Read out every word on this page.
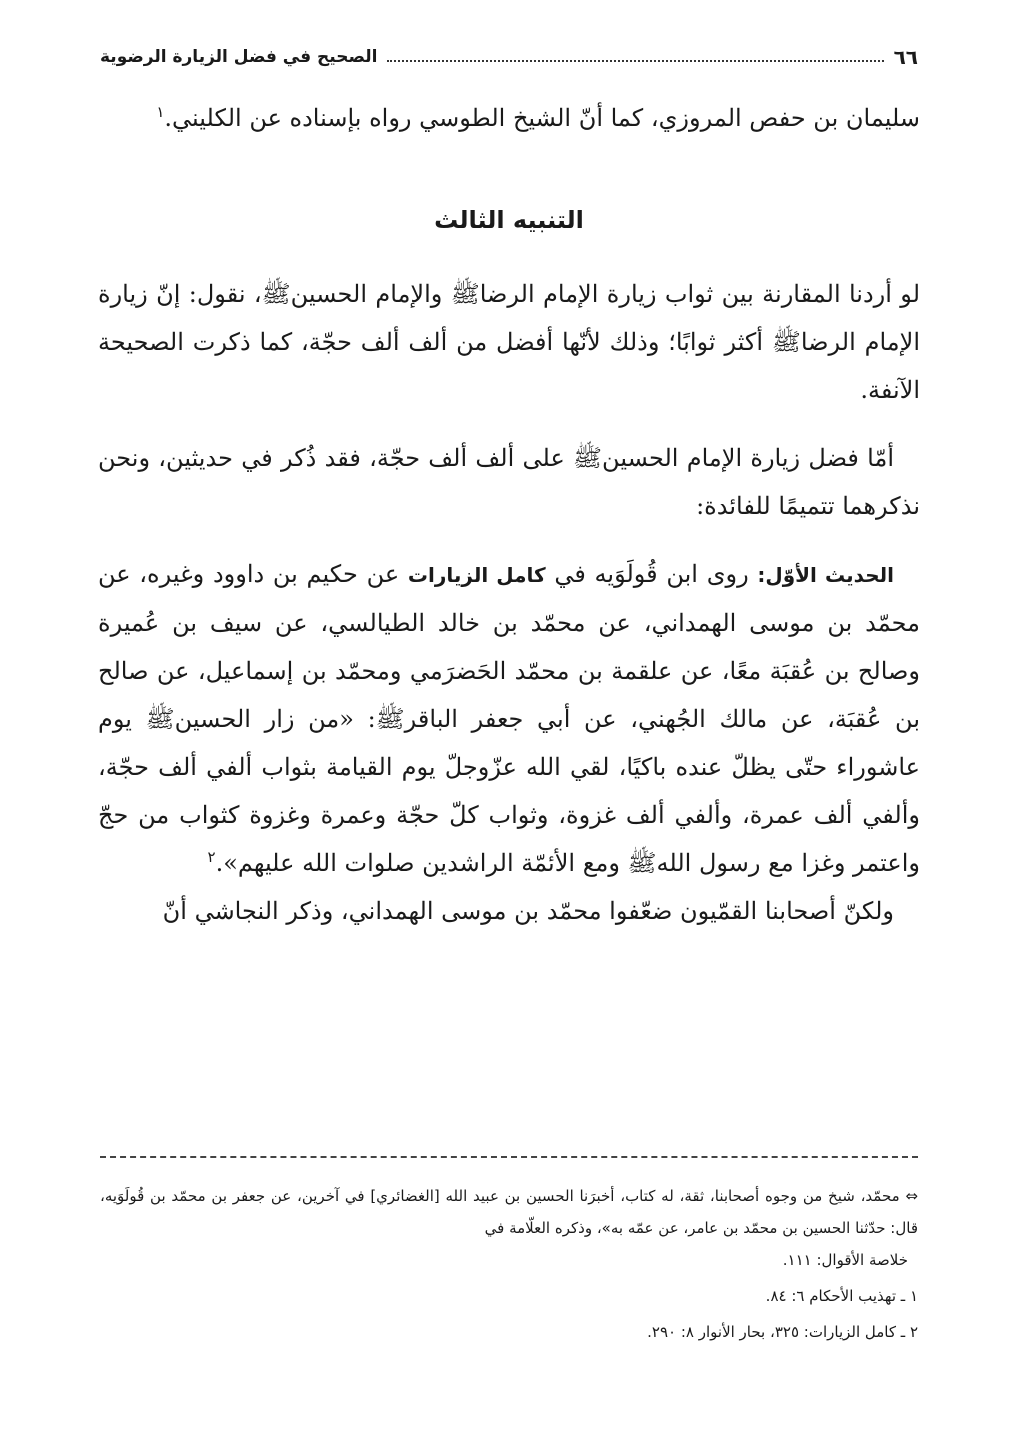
٦٦
الصحيح في فضل الزيارة الرضوية

سليمان بن حفص المروزي، كما أنّ الشيخ الطوسي رواه بإسناده عن الكليني.$^١$

التنبيه الثالث

لو أردنا المقارنة بين ثواب زيارة الإمام الرضاﷺ والإمام الحسينﷺ، نقول: إنّ زيارة الإمام الرضاﷺ أكثر ثوابًا؛ وذلك لأنّها أفضل من ألف ألف حجّة، كما ذكرت الصحيحة الآنفة.

أمّا فضل زيارة الإمام الحسينﷺ على ألف ألف حجّة، فقد ذُكر في حديثين، ونحن نذكرهما تتميمًا للفائدة:

الحديث الأوّل: روى ابن قُولَوَيه في كامل الزيارات عن حكيم بن داوود وغيره، عن محمّد بن موسى الهمداني، عن محمّد بن خالد الطيالسي، عن سيف بن عُميرة وصالح بن عُقبَة معًا، عن علقمة بن محمّد الحَضرَمي ومحمّد بن إسماعيل، عن صالح بن عُقبَة، عن مالك الجُهني، عن أبي جعفر الباقرﷺ: «من زار الحسينﷺ يوم عاشوراء حتّى يظلّ عنده باكيًا، لقي الله عزّوجلّ يوم القيامة بثواب ألفي ألف حجّة، وألفي ألف عمرة، وألفي ألف غزوة، وثواب كلّ حجّة وعمرة وغزوة كثواب من حجّ واعتمر وغزا مع رسول اللهﷺ ومع الأئمّة الراشدين صلوات الله عليهم».$^٢$

ولكنّ أصحابنا القمّيون ضعّفوا محمّد بن موسى الهمداني، وذكر النجاشي أنّ

⇔ محمّد، شيخ من وجوه أصحابنا، ثقة، له كتاب، أخبرَنا الحسين بن عبيد الله [الغضائري] في آخرين، عن جعفر بن محمّد بن قُولَوَيه، قال: حدّثنا الحسين بن محمّد بن عامر، عن عمّه به»، وذكره العلّامة في

خلاصة الأقوال: ١١١.

١ ـ تهذيب الأحكام ٦: ٨٤.

٢ ـ كامل الزيارات: ٣٢٥، بحار الأنوار ٨: ٢٩٠.
